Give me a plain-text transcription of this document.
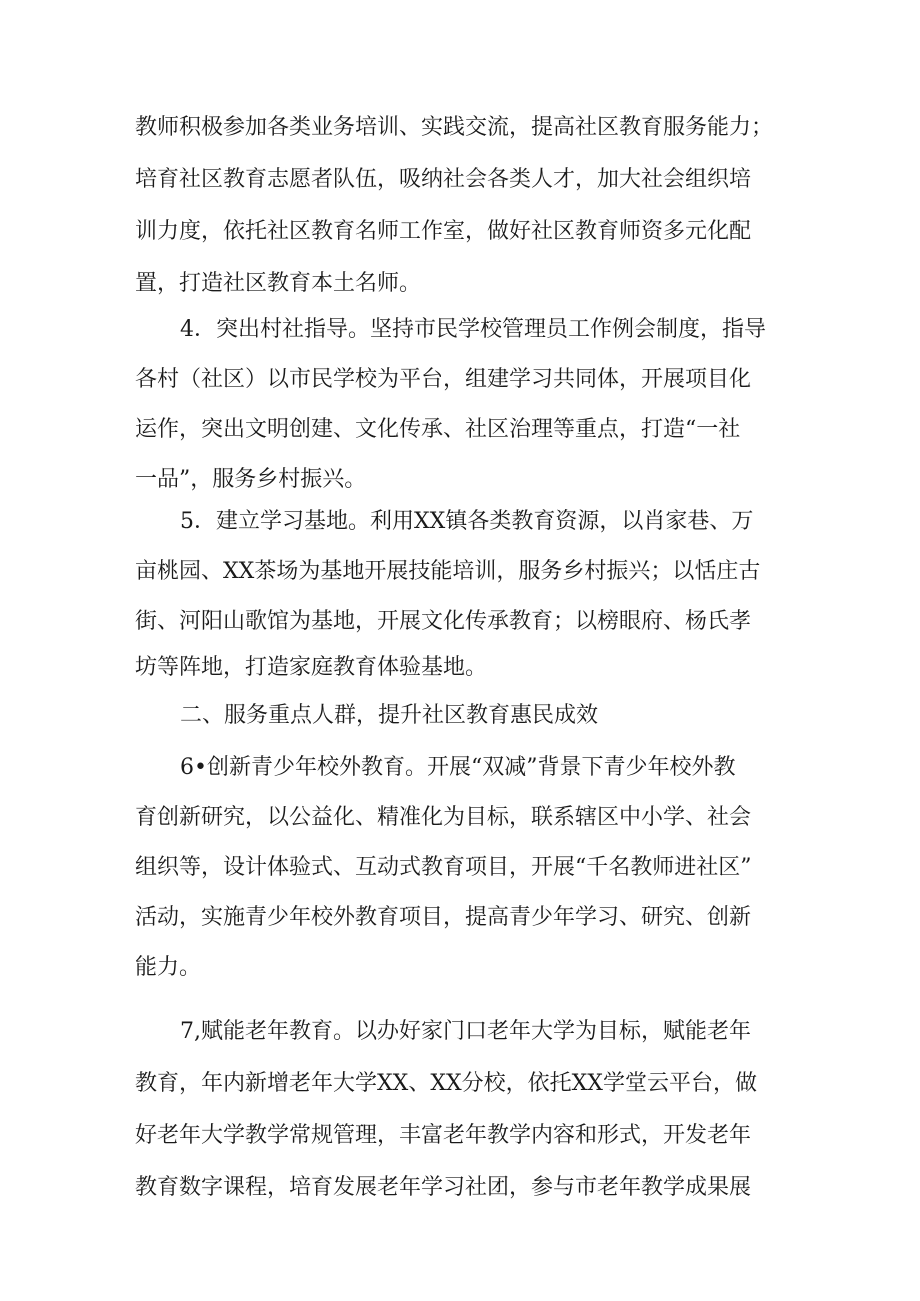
教师积极参加各类业务培训、实践交流，提高社区教育服务能力；
培育社区教育志愿者队伍，吸纳社会各类人才，加大社会组织培
训力度，依托社区教育名师工作室，做好社区教育师资多元化配
置，打造社区教育本土名师。
4．突出村社指导。坚持市民学校管理员工作例会制度，指导
各村（社区）以市民学校为平台，组建学习共同体，开展项目化
运作，突出文明创建、文化传承、社区治理等重点，打造“一社
一品”，服务乡村振兴。
5．建立学习基地。利用XX镇各类教育资源，以肖家巷、万
亩桃园、XX茶场为基地开展技能培训，服务乡村振兴；以恬庄古
街、河阳山歌馆为基地，开展文化传承教育；以榜眼府、杨氏孝
坊等阵地，打造家庭教育体验基地。
二、服务重点人群，提升社区教育惠民成效
6•创新青少年校外教育。开展“双减”背景下青少年校外教
育创新研究，以公益化、精准化为目标，联系辖区中小学、社会
组织等，设计体验式、互动式教育项目，开展“千名教师进社区”
活动，实施青少年校外教育项目，提高青少年学习、研究、创新
能力。
7,赋能老年教育。以办好家门口老年大学为目标，赋能老年
教育，年内新增老年大学XX、XX分校，依托XX学堂云平台，做
好老年大学教学常规管理，丰富老年教学内容和形式，开发老年
教育数字课程，培育发展老年学习社团，参与市老年教学成果展
